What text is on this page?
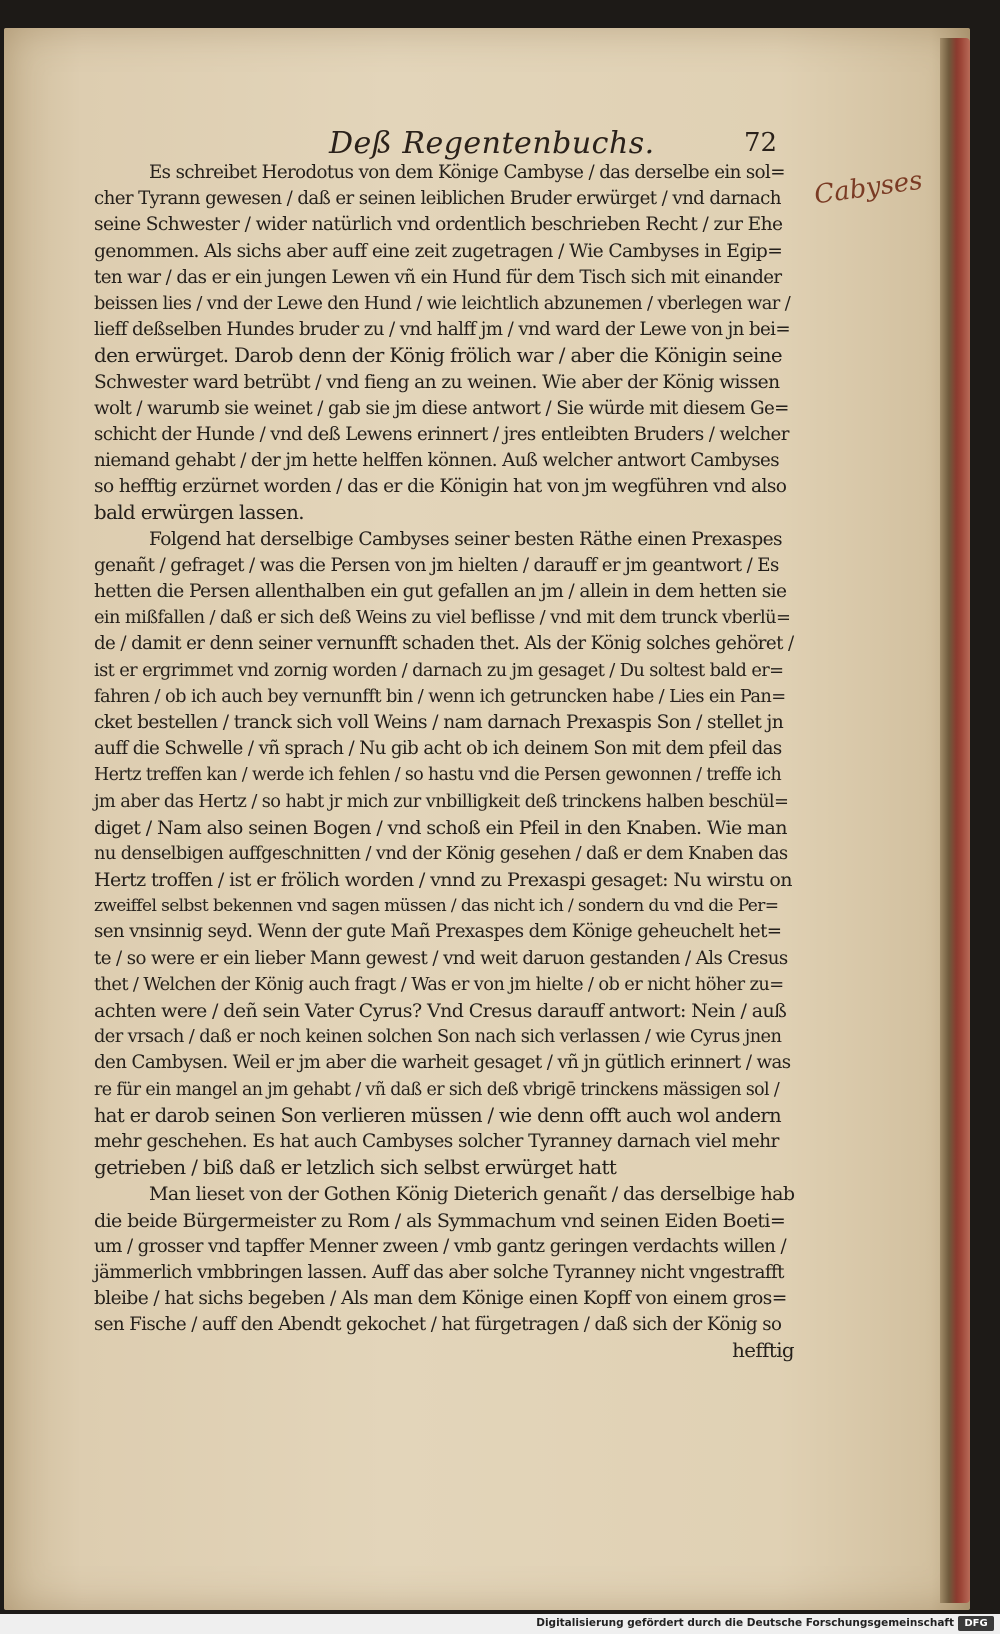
Deß Regentenbuchs.	72
Cabyses
Es schreibet Herodotus von dem Könige Cambyse / das derselbe ein sol=
cher Tyrann gewesen / daß er seinen leiblichen Bruder erwürget / vnd darnach
seine Schwester / wider natürlich vnd ordentlich beschrieben Recht / zur Ehe
genommen. Als sichs aber auff eine zeit zugetragen / Wie Cambyses in Egip=
ten war / das er ein jungen Lewen vñ ein Hund für dem Tisch sich mit einander
beissen lies / vnd der Lewe den Hund / wie leichtlich abzunemen / vberlegen war /
lieff deßselben Hundes bruder zu / vnd halff jm / vnd ward der Lewe von jn bei=
den erwürget. Darob denn der König frölich war / aber die Königin seine
Schwester ward betrübt / vnd fieng an zu weinen. Wie aber der König wissen
wolt / warumb sie weinet / gab sie jm diese antwort / Sie würde mit diesem Ge=
schicht der Hunde / vnd deß Lewens erinnert / jres entleibten Bruders / welcher
niemand gehabt / der jm hette helffen können. Auß welcher antwort Cambyses
so hefftig erzürnet worden / das er die Königin hat von jm wegführen vnd also
bald erwürgen lassen.
Folgend hat derselbige Cambyses seiner besten Räthe einen Prexaspes
genañt / gefraget / was die Persen von jm hielten / darauff er jm geantwort / Es
hetten die Persen allenthalben ein gut gefallen an jm / allein in dem hetten sie
ein mißfallen / daß er sich deß Weins zu viel beflisse / vnd mit dem trunck vberlü=
de / damit er denn seiner vernunfft schaden thet. Als der König solches gehöret /
ist er ergrimmet vnd zornig worden / darnach zu jm gesaget / Du soltest bald er=
fahren / ob ich auch bey vernunfft bin / wenn ich getruncken habe / Lies ein Pan=
cket bestellen / tranck sich voll Weins / nam darnach Prexaspis Son / stellet jn
auff die Schwelle / vñ sprach / Nu gib acht ob ich deinem Son mit dem pfeil das
Hertz treffen kan / werde ich fehlen / so hastu vnd die Persen gewonnen / treffe ich
jm aber das Hertz / so habt jr mich zur vnbilligkeit deß trinckens halben beschül=
diget / Nam also seinen Bogen / vnd schoß ein Pfeil in den Knaben. Wie man
nu denselbigen auffgeschnitten / vnd der König gesehen / daß er dem Knaben das
Hertz troffen / ist er frölich worden / vnnd zu Prexaspi gesaget: Nu wirstu on
zweiffel selbst bekennen vnd sagen müssen / das nicht ich / sondern du vnd die Per=
sen vnsinnig seyd. Wenn der gute Mañ Prexaspes dem Könige geheuchelt het=
te / so were er ein lieber Mann gewest / vnd weit daruon gestanden / Als Cresus
thet / Welchen der König auch fragt / Was er von jm hielte / ob er nicht höher zu=
achten were / deñ sein Vater Cyrus? Vnd Cresus darauff antwort: Nein / auß
der vrsach / daß er noch keinen solchen Son nach sich verlassen / wie Cyrus jnen
den Cambysen. Weil er jm aber die warheit gesaget / vñ jn gütlich erinnert / was
re für ein mangel an jm gehabt / vñ daß er sich deß vbrigē trinckens mässigen sol /
hat er darob seinen Son verlieren müssen / wie denn offt auch wol andern
mehr geschehen. Es hat auch Cambyses solcher Tyranney darnach viel mehr
getrieben / biß daß er letzlich sich selbst erwürget hatt
Man lieset von der Gothen König Dieterich genañt / das derselbige hab
die beide Bürgermeister zu Rom / als Symmachum vnd seinen Eiden Boeti=
um / grosser vnd tapffer Menner zween / vmb gantz geringen verdachts willen /
jämmerlich vmbbringen lassen. Auff das aber solche Tyranney nicht vngestrafft
bleibe / hat sichs begeben / Als man dem Könige einen Kopff von einem gros=
sen Fische / auff den Abendt gekochet / hat fürgetragen / daß sich der König so
hefftig
Digitalisierung gefördert durch die Deutsche Forschungsgemeinschaft	DFG
